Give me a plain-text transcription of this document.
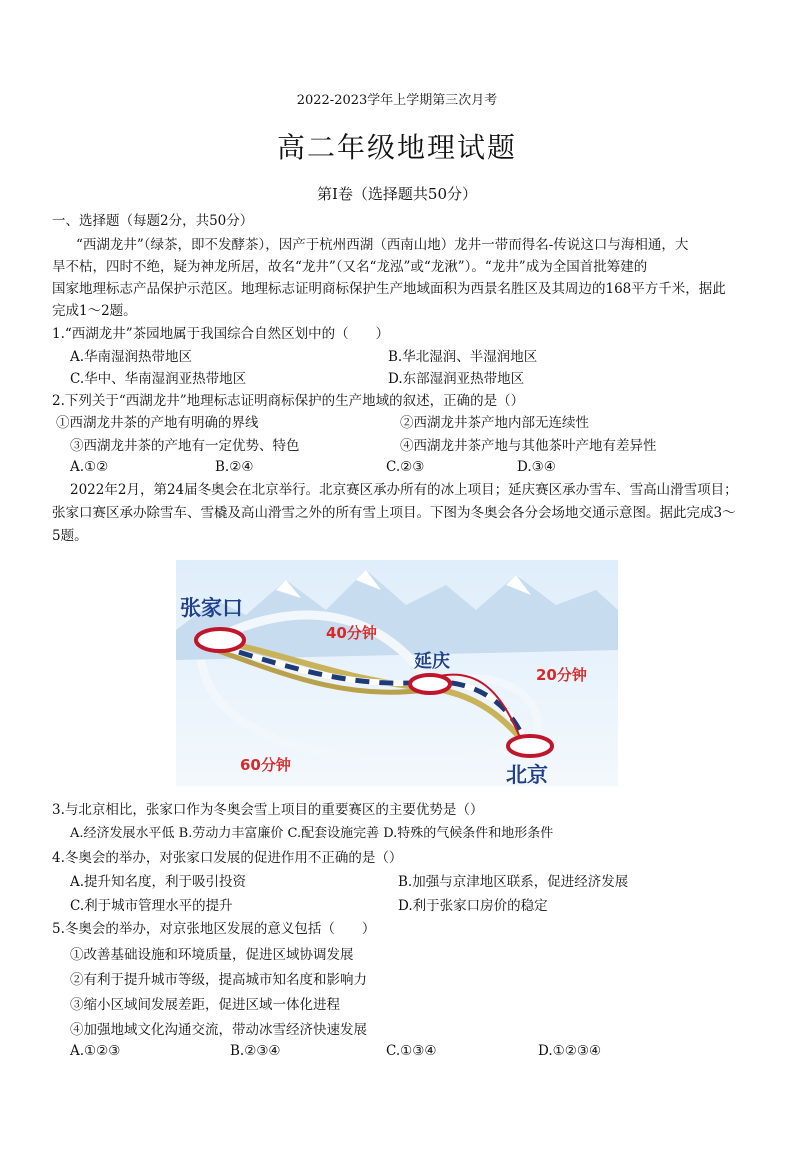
2022-2023学年上学期第三次月考
高二年级地理试题
第Ⅰ卷（选择题共50分）
一、选择题（每题2分，共50分）
“西湖龙井”（绿茶，即不发酵茶），因产于杭州西湖（西南山地）龙井一带而得名-传说这口与海相通，大
旱不枯，四时不绝，疑为神龙所居，故名“龙井”（又名“龙泓”或“龙湫”）。“龙井”成为全国首批筹建的
国家地理标志产品保护示范区。地理标志证明商标保护生产地域面积为西景名胜区及其周边的168平方千米，据此
完成1～2题。
1.“西湖龙井”茶园地属于我国综合自然区划中的（　　）
A.华南湿润热带地区	B.华北湿润、半湿润地区
C.华中、华南湿润亚热带地区	D.东部湿润亚热带地区
2.下列关于“西湖龙井”地理标志证明商标保护的生产地域的叙述，正确的是（）
①西湖龙井茶的产地有明确的界线	②西湖龙井茶产地内部无连续性
③西湖龙井茶的产地有一定优势、特色	④西湖龙井茶产地与其他茶叶产地有差异性
A.①②	B.②④	C.②③	D.③④
2022年2月，第24届冬奥会在北京举行。北京赛区承办所有的冰上项目；延庆赛区承办雪车、雪高山滑雪项目；
张家口赛区承办除雪车、雪橇及高山滑雪之外的所有雪上项目。下图为冬奥会各分会场地交通示意图。据此完成3～
5题。
张家口
延庆
北京
40分钟
20分钟
60分钟
3.与北京相比，张家口作为冬奥会雪上项目的重要赛区的主要优势是（）
A.经济发展水平低 B.劳动力丰富廉价 C.配套设施完善 D.特殊的气候条件和地形条件
4.冬奥会的举办，对张家口发展的促进作用不正确的是（）
A.提升知名度，利于吸引投资	B.加强与京津地区联系，促进经济发展
C.利于城市管理水平的提升	D.利于张家口房价的稳定
5.冬奥会的举办，对京张地区发展的意义包括（　　）
①改善基础设施和环境质量，促进区域协调发展
②有利于提升城市等级，提高城市知名度和影响力
③缩小区域间发展差距，促进区域一体化进程
④加强地域文化沟通交流，带动冰雪经济快速发展
A.①②③	B.②③④	C.①③④	D.①②③④
